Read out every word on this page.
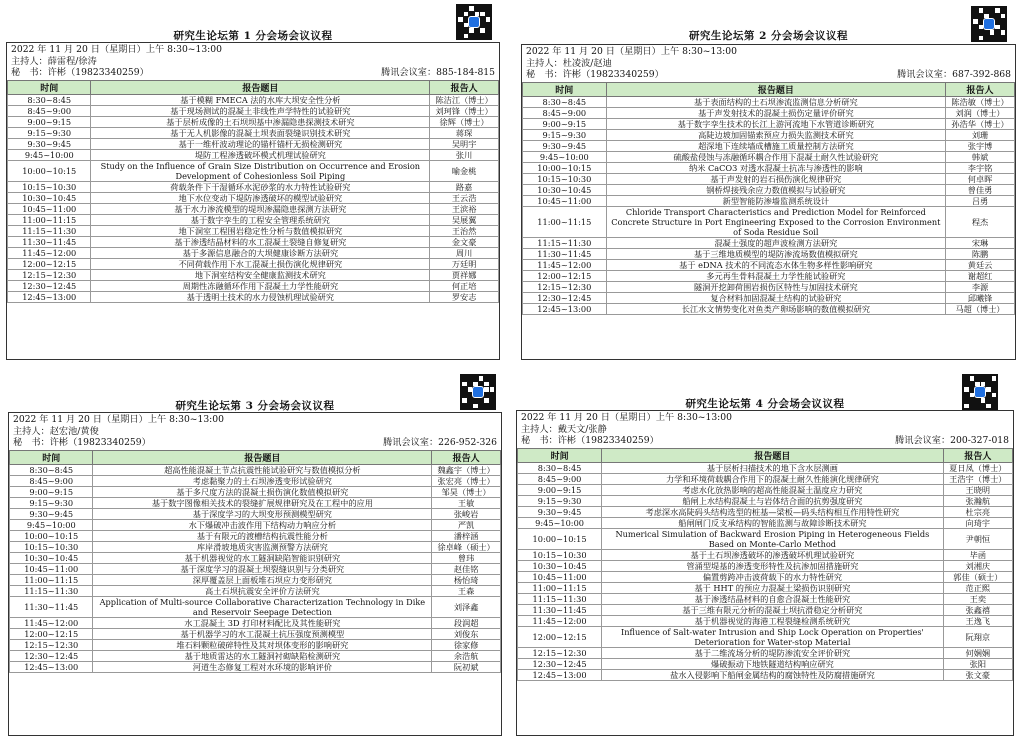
研究生论坛第 1 分会场会议议程
2022 年 11 月 20 日（星期日）上午 8:30~13:00
主持人：薛雷程/徐涛
秘　书：许彬（19823340259）	腾讯会议室：885-184-815
时间	报告题目	报告人
8:30~8:45	基于模糊 FMECA 法的水库大坝安全性分析	陈洁江（博士）
8:45~9:00	基于现场测试的混凝土非线性声学特性的试验研究	刘珂锋（博士）
9:00~9:15	基于层析成像的土石坝坝基中渗漏隐患探测技术研究	徐辉（博士）
9:15~9:30	基于无人机影像的混凝土坝表面裂缝识别技术研究	蒋琛
9:30~9:45	基于一维杆波动理论的锚杆锚杆无损检测研究	吴明宇
9:45~10:00	堤防工程渗透破坏模式机理试验研究	张川
10:00~10:15	Study on the Influence of Grain Size Distribution on Occurrence and Erosion Development of Cohesionless Soil Piping	喻金桃
10:15~10:30	荷载条件下干湿循环水泥砂浆的水力特性试验研究	路嘉
10:30~10:45	地下水位变动下堤防渗透破坏的模型试验研究	王云浩
10:45~11:00	基于水力渗流模型的堤坝渗漏隐患探测方法研究	王滨裕
11:00~11:15	基于数字孪生的工程安全管理系统研究	吴展翼
11:15~11:30	地下洞室工程围岩稳定性分析与数值模拟研究	王治然
11:30~11:45	基于渗透结晶材料的水工混凝土裂缝自修复研究	金文豪
11:45~12:00	基于多源信息融合的大坝健康诊断方法研究	周川
12:00~12:15	不同荷载作用下水工混凝土损伤演化规律研究	万廷明
12:15~12:30	地下洞室结构安全健康监测技术研究	贾祥娜
12:30~12:45	周期性冻融循环作用下混凝土力学性能研究	何正培
12:45~13:00	基于透明土技术的水力侵蚀机理试验研究	罗安志
研究生论坛第 2 分会场会议议程
2022 年 11 月 20 日（星期日）上午 8:30~13:00
主持人：杜凌波/赵迪
秘　书：许彬（19823340259）	腾讯会议室：687-392-868
时间	报告题目	报告人
8:30~8:45	基于表面结构的土石坝渗流监测信息分析研究	陈浩敏（博士）
8:45~9:00	基于声发射技术的混凝土损伤定量评价研究	刘润（博士）
9:00~9:15	基于数字孪生技术的长江上游河流地下水管道诊断研究	孙浩华（博士）
9:15~9:30	高陡边坡加固锚索预应力损失监测技术研究	刘珊
9:30~9:45	超深地下连续墙成槽施工质量控制方法研究	张宇博
9:45~10:00	硫酸盐侵蚀与冻融循环耦合作用下混凝土耐久性试验研究	韩斌
10:00~10:15	纳米 CaCO3 对透水混凝土抗冻与渗透性的影响	李宇铭
10:15~10:30	基于声发射的岩石损伤演化规律研究	何卓晖
10:30~10:45	钢桥焊接残余应力数值模拟与试验研究	曾佳勇
10:45~11:00	新型智能防渗墙监测系统设计	吕勇
11:00~11:15	Chloride Transport Characteristics and Prediction Model for Reinforced Concrete Structure in Port Engineering Exposed to the Corrosion Environment of Soda Residue Soil	程杰
11:15~11:30	混凝土强度的超声波检测方法研究	宋琳
11:30~11:45	基于三维地质模型的堤防渗流场数值模拟研究	陈鹏
11:45~12:00	基于 eDNA 技术的不同流态水体生物多样性影响研究	黄廷云
12:00~12:15	多元再生骨料混凝土力学性能试验研究	谢超红
12:15~12:30	隧洞开挖卸荷围岩损伤区特性与加固技术研究	李源
12:30~12:45	复合材料加固混凝土结构的试验研究	邱曦锋
12:45~13:00	长江水文情势变化对鱼类产卵场影响的数值模拟研究	马超（博士）
研究生论坛第 3 分会场会议议程
2022 年 11 月 20 日（星期日）上午 8:30~13:00
主持人：赵宏池/黄俊
秘　书：许彬（19823340259）	腾讯会议室：226-952-326
时间	报告题目	报告人
8:30~8:45	超高性能混凝土节点抗震性能试验研究与数值模拟分析	魏鑫宇（博士）
8:45~9:00	考虑黏聚力的土石坝渗透变形试验研究	张宏亮（博士）
9:00~9:15	基于多尺度方法的混凝土损伤演化数值模拟研究	邹昊（博士）
9:15~9:30	基于数字图像相关技术的裂缝扩展规律研究及在工程中的应用	王敏
9:30~9:45	基于深度学习的大坝变形预测模型研究	张峻岩
9:45~10:00	水下爆破冲击波作用下结构动力响应分析	严凯
10:00~10:15	基于有限元的渡槽结构抗震性能分析	潘梓涵
10:15~10:30	库岸滑坡地质灾害监测预警方法研究	徐卓峰（硕士）
10:30~10:45	基于机器视觉的水工隧洞缺陷智能识别研究	曾玮
10:45~11:00	基于深度学习的混凝土坝裂缝识别与分类研究	赵佳铭
11:00~11:15	深厚覆盖层上面板堆石坝应力变形研究	杨怡琦
11:15~11:30	高土石坝抗震安全评价方法研究	王森
11:30~11:45	Application of Multi-source Collaborative Characterization Technology in Dike and Reservoir Seepage Detection	刘泽鑫
11:45~12:00	水工混凝土 3D 打印材料配比及其性能研究	段润超
12:00~12:15	基于机器学习的水工混凝土抗压强度预测模型	刘俊东
12:15~12:30	堆石料颗粒破碎特性及其对坝体变形的影响研究	徐家修
12:30~12:45	基于地质雷达的水工隧洞衬砌缺陷检测研究	余浩航
12:45~13:00	河道生态修复工程对水环境的影响评价	阮初斌
研究生论坛第 4 分会场会议议程
2022 年 11 月 20 日（星期日）上午 8:30~13:00
主持人：戴天文/张静
秘　书：许彬（19823340259）	腾讯会议室：200-327-018
时间	报告题目	报告人
8:30~8:45	基于层析扫描技术的地下含水层测画	夏日凤（博士）
8:45~9:00	力学和环境荷载耦合作用下的混凝土耐久性能演化规律研究	王浩宇（博士）
9:00~9:15	考虑水化放热影响的超高性能混凝土温度应力研究	王晓明
9:15~9:30	船闸上水结构混凝土与岩体结合面的抗剪强度研究	张瀚航
9:30~9:45	考虑深水高陡码头结构选型的桩基—梁板—码头结构相互作用特性研究	杜宗亮
9:45~10:00	船闸闸门反支承结构的智能监测与故障诊断技术研究	向琦宇
10:00~10:15	Numerical Simulation of Backward Erosion Piping in Heterogeneous Fields Based on Monte-Carlo Method	尹朝恒
10:15~10:30	基于土石坝渗透破坏的渗透破坏机理试验研究	毕函
10:30~10:45	管涌型堤基的渗透变形特性及抗渗加固措施研究	刘湘庆
10:45~11:00	偏置剪跨冲击波荷载下的水力特性研究	郭佳（硕士）
11:00~11:15	基于 HHT 的预应力混凝土梁损伤识别研究	范正熙
11:15~11:30	基于渗透结晶材料的自愈合混凝土性能研究	王奕
11:30~11:45	基于三维有限元分析的混凝土坝抗滑稳定分析研究	张鑫禧
11:45~12:00	基于机器视觉的海港工程裂缝检测系统研究	王逸飞
12:00~12:15	Influence of Salt-water Intrusion and Ship Lock Operation on Properties' Deterioration for Water-stop Material	阮翔京
12:15~12:30	基于二维流场分析的堤防渗流安全评价研究	何娴娴
12:30~12:45	爆破振动下地铁隧道结构响应研究	张阳
12:45~13:00	盐水入侵影响下船闸金属结构的腐蚀特性及防腐措施研究	张文豪
